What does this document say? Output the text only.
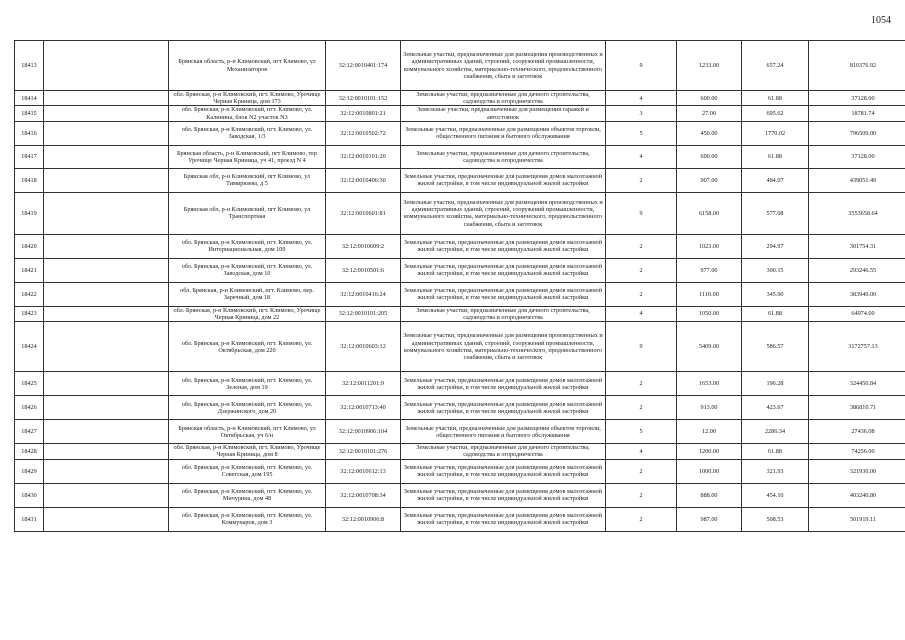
1054
18413		Брянская область, р-н Климовский, пгт Климово, ул Механизаторов	32:12:0010401:174	Земельные участки, предназначенные для размещения производственных и административных зданий, строений, сооружений промышленности, коммунального хозяйства, материально-технического, продовольственного снабжения, сбыта и заготовок	9	1233.00	657.24	810376.92
18414		обл. Брянская, р-н Климовский, пгт. Климово, Урочище Черная Криница, дом 173	32:12:0010101:152	Земельные участки, предназначенные для дачного строительства, садоводства и огородничества	4	600.00	61.88	37128.00
18415		обл. Брянская, р-н Климовский, пгт. Климово, ул. Калинина, блок N2 участок N3	32:12:0010801:21	Земельные участки, предназначенные для размещения гаражей и автостоянок	3	27.00	695.62	18781.74
18416		обл. Брянская, р-н Климовский, пгт. Климово, ул. Заводская, 1/3	32:12:0010502:72	Земельные участки, предназначенные для размещения объектов торговли, общественного питания и бытового обслуживания	5	450.00	1770.02	796509.00
18417		Брянская область, р-н Климовский, пгт Климово, тер Урочище Черная Криница, уч 41, проезд N 4	32:12:0010101:20	Земельные участки, предназначенные для дачного строительства, садоводства и огородничества	4	600.00	61.88	37128.00
18418		Брянская обл, р-н Климовский, пгт Климово, ул Тимирязева, д 5	32:12:0010406:30	Земельные участки, предназначенные для размещения домов малоэтажной жилой застройки, в том числе индивидуальной жилой застройки	2	907.00	484.07	439051.49
18419		Брянская обл, р-н Климовский, пгт Климово, ул Транспортная	32:12:0010601:81	Земельные участки, предназначенные для размещения производственных и административных зданий, строений, сооружений промышленности, коммунального хозяйства, материально-технического, продовольственного снабжения, сбыта и заготовок	9	6158.00	577.08	3553658.64
18420		обл. Брянская, р-н Климовский, пгт. Климово, ул. Интернациональная, дом 109	32:12:0010609:2	Земельные участки, предназначенные для размещения домов малоэтажной жилой застройки, в том числе индивидуальной жилой застройки	2	1023.00	294.97	301754.31
18421		обл. Брянская, р-н Климовский, пгт. Климово, ул. Заводская, дом 10	32:12:0010501:6	Земельные участки, предназначенные для размещения домов малоэтажной жилой застройки, в том числе индивидуальной жилой застройки	2	977.00	300.15	293246.55
18422		обл. Брянская, р-н Климовский, пгт. Климово, пер. Заречный, дом 18	32:12:0010416:24	Земельные участки, предназначенные для размещения домов малоэтажной жилой застройки, в том числе индивидуальной жилой застройки	2	1110.00	345.90	383949.00
18423		обл. Брянская, р-н Климовский, пгт. Климово, Урочище Черная Криница, дом 22	32:12:0010101:205	Земельные участки, предназначенные для дачного строительства, садоводства и огородничества	4	1050.00	61.88	64974.00
18424		обл. Брянская, р-н Климовский, пгт. Климово, ул. Октябрьская, дом 220	32:12:0010603:12	Земельные участки, предназначенные для размещения производственных и административных зданий, строений, сооружений промышленности, коммунального хозяйства, материально-технического, продовольственного снабжения, сбыта и заготовок	9	5409.00	586.57	3172757.13
18425		обл. Брянская, р-н Климовский, пгт. Климово, ул. Зеленая, дом 19	32:12:0011201:9	Земельные участки, предназначенные для размещения домов малоэтажной жилой застройки, в том числе индивидуальной жилой застройки	2	1653.00	196.28	324450.84
18426		обл. Брянская, р-н Климовский, пгт. Климово, ул. Дзержинского, дом 20	32:12:0010713:40	Земельные участки, предназначенные для размещения домов малоэтажной жилой застройки, в том числе индивидуальной жилой застройки	2	913.00	423.67	386810.71
18427		Брянская область, р-н Климовский, пгт Климово, ул Октябрьская, уч 6/н	32:12:0010906:104	Земельные участки, предназначенные для размещения объектов торговли, общественного питания и бытового обслуживания	5	12.00	2286.34	27436.08
18428		обл. Брянская, р-н Климовский, пгт. Климово, Урочище Черная Криница, дом 8	32:12:0010101:276	Земельные участки, предназначенные для дачного строительства, садоводства и огородничества	4	1200.00	61.88	74256.00
18429		обл. Брянская, р-н Климовский, пгт. Климово, ул. Советская, дом 195	32:12:0010612:13	Земельные участки, предназначенные для размещения домов малоэтажной жилой застройки, в том числе индивидуальной жилой застройки	2	1000.00	321.93	321930.00
18430		обл. Брянская, р-н Климовский, пгт. Климово, ул. Мичурина, дом 48	32:12:0010708:34	Земельные участки, предназначенные для размещения домов малоэтажной жилой застройки, в том числе индивидуальной жилой застройки	2	888.00	454.10	403240.80
18431		обл. Брянская, р-н Климовский, пгт. Климово, ул. Коммунаров, дом 3	32:12:0010906:8	Земельные участки, предназначенные для размещения домов малоэтажной жилой застройки, в том числе индивидуальной жилой застройки	2	987.00	508.53	501919.11
